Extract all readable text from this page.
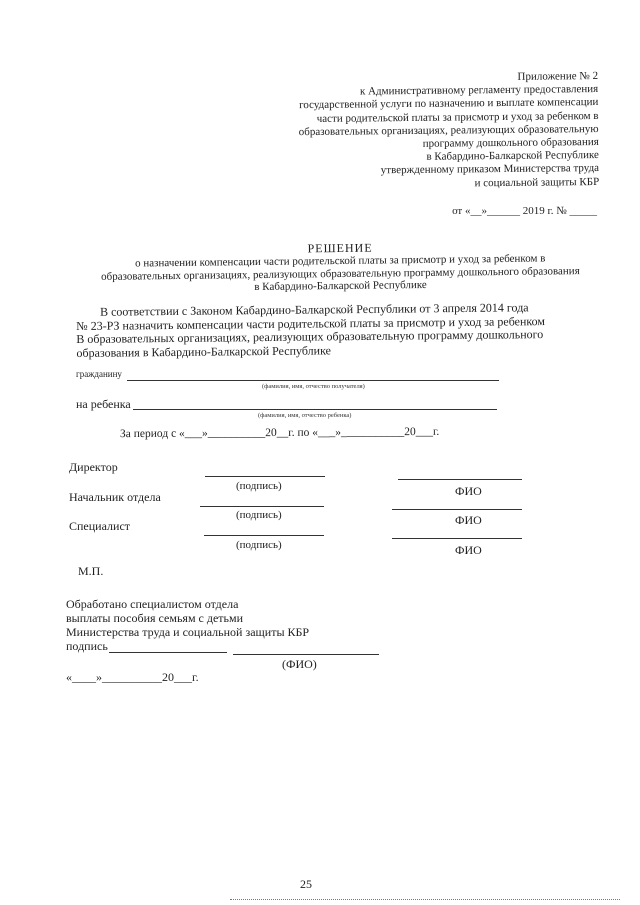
Приложение № 2
к Административному регламенту предоставления
государственной услуги по назначению и выплате компенсации
части родительской платы за присмотр и уход за ребенком в
образовательных организациях, реализующих образовательную
программу дошкольного образования
в Кабардино-Балкарской Республике
утвержденному приказом Министерства труда
и социальной защиты КБР
от «__»______ 2019 г. № _____
РЕШЕНИЕ
о назначении компенсации части родительской платы за присмотр и уход за ребенком в
образовательных организациях, реализующих образовательную программу дошкольного образования
в Кабардино-Балкарской Республике
В соответствии с Законом Кабардино-Балкарской Республики от 3 апреля 2014 года
№ 23-РЗ назначить компенсации части родительской платы за присмотр и уход за ребенком
В образовательных организациях, реализующих образовательную программу дошкольного
образования в Кабардино-Балкарской Республике
гражданину
(фамилия, имя, отчество получателя)
на ребенка
(фамилия, имя, отчество ребенка)
За период с «___»__________20__г. по «___»___________20___г.
Директор
(подпись)	ФИО
Начальник отдела
(подпись)	ФИО
Специалист
(подпись)	ФИО
М.П.
Обработано специалистом отдела
выплаты пособия семьям с детьми
Министерства труда и социальной защиты КБР
подпись
(ФИО)
«____»__________20___г.
25
